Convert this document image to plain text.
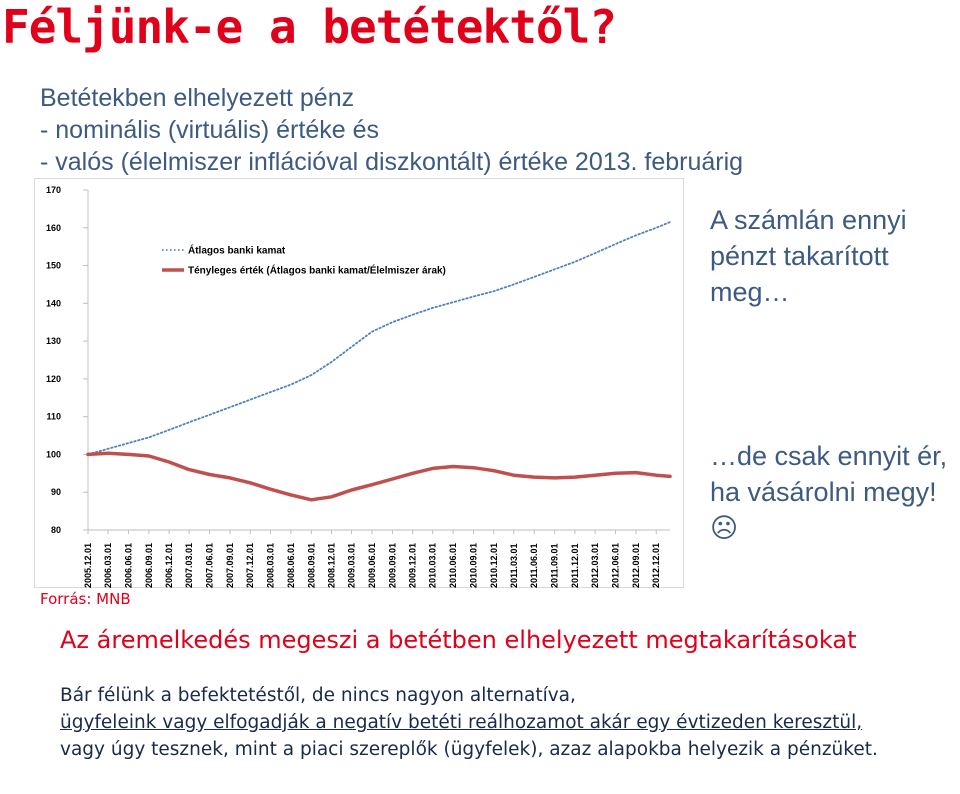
Féljünk-e a betétektől?
Betétekben elhelyezett pénz
- nominális (virtuális) értéke és
- valós (élelmiszer inflációval diszkontált) értéke 2013. februárig
80
90
100
110
120
130
140
150
160
170
2005.12.01 2006.03.01 2006.06.01 2006.09.01 2006.12.01 2007.03.01 2007.06.01 2007.09.01 2007.12.01 2008.03.01 2008.06.01 2008.09.01 2008.12.01 2009.03.01 2009.06.01 2009.09.01 2009.12.01 2010.03.01 2010.06.01 2010.09.01 2010.12.01 2011.03.01 2011.06.01 2011.09.01 2011.12.01 2012.03.01 2012.06.01 2012.09.01 2012.12.01
Átlagos banki kamat
Tényleges érték (Átlagos banki kamat/Élelmiszer árak)
A számlán ennyi pénzt takarított meg…
…de csak ennyit ér, ha vásárolni megy! ☹
Forrás: MNB
Az áremelkedés megeszi a betétben elhelyezett megtakarításokat
Bár félünk a befektetéstől, de nincs nagyon alternatíva,
ügyfeleink vagy elfogadják a negatív betéti reálhozamot akár egy évtizeden keresztül,
vagy úgy tesznek, mint a piaci szereplők (ügyfelek), azaz alapokba helyezik a pénzüket.
